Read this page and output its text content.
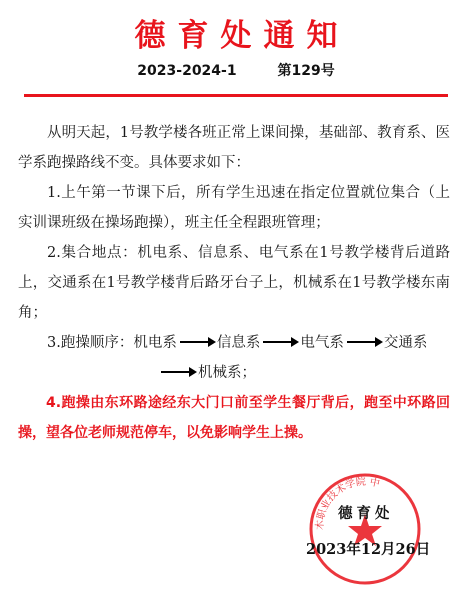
德育处通知
2023-2024-1	第129号

从明天起，1号教学楼各班正常上课间操，基础部、教育系、医学系跑操路线不变。具体要求如下：

1.上午第一节课下后，所有学生迅速在指定位置就位集合（上实训课班级在操场跑操），班主任全程跟班管理；

2.集合地点：机电系、信息系、电气系在1号教学楼背后道路上，交通系在1号教学楼背后路牙台子上，机械系在1号教学楼东南角；

3.跑操顺序：机电系	信息系	电气系	交通系

机械系；

4.跑操由东环路途经东大门口前至学生餐厅背后，跑至中环路回操，望各位老师规范停车，以免影响学生上操。

木职业技术学院 中
德育处
2023年12月26日
